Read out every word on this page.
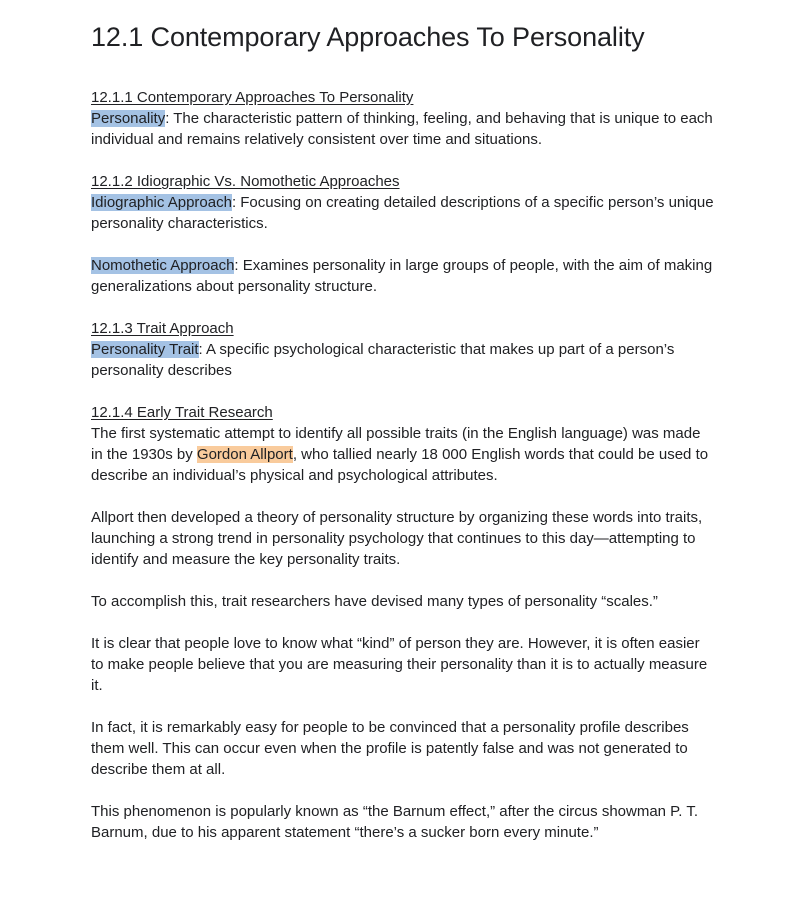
12.1 Contemporary Approaches To Personality

12.1.1 Contemporary Approaches To Personality

Personality: The characteristic pattern of thinking, feeling, and behaving that is unique to each individual and remains relatively consistent over time and situations.

12.1.2 Idiographic Vs. Nomothetic Approaches

Idiographic Approach: Focusing on creating detailed descriptions of a specific person’s unique personality characteristics.

Nomothetic Approach: Examines personality in large groups of people, with the aim of making generalizations about personality structure.

12.1.3 Trait Approach

Personality Trait: A specific psychological characteristic that makes up part of a person’s personality describes

12.1.4 Early Trait Research

The first systematic attempt to identify all possible traits (in the English language) was made in the 1930s by Gordon Allport, who tallied nearly 18 000 English words that could be used to describe an individual’s physical and psychological attributes.

Allport then developed a theory of personality structure by organizing these words into traits, launching a strong trend in personality psychology that continues to this day—attempting to identify and measure the key personality traits.

To accomplish this, trait researchers have devised many types of personality “scales.”

It is clear that people love to know what “kind” of person they are. However, it is often easier to make people believe that you are measuring their personality than it is to actually measure it.

In fact, it is remarkably easy for people to be convinced that a personality profile describes them well. This can occur even when the profile is patently false and was not generated to describe them at all.

This phenomenon is popularly known as “the Barnum effect,” after the circus showman P. T. Barnum, due to his apparent statement “there’s a sucker born every minute.”
